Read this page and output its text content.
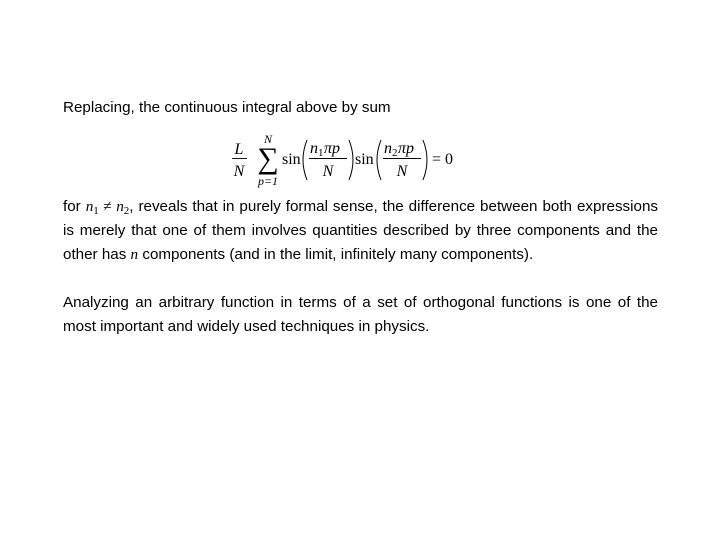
Replacing, the continuous integral above by sum

L
N
N
∑
p=1
sin
n 1 πp
N
sin
n 2 πp
N
= 0

for $n_1 \ne n_2$, reveals that in purely formal sense, the difference between both expressions is merely that one of them involves quantities described by three components and the other has n components (and in the limit, infinitely many components).

Analyzing an arbitrary function in terms of a set of orthogonal functions is one of the most important and widely used techniques in physics.
